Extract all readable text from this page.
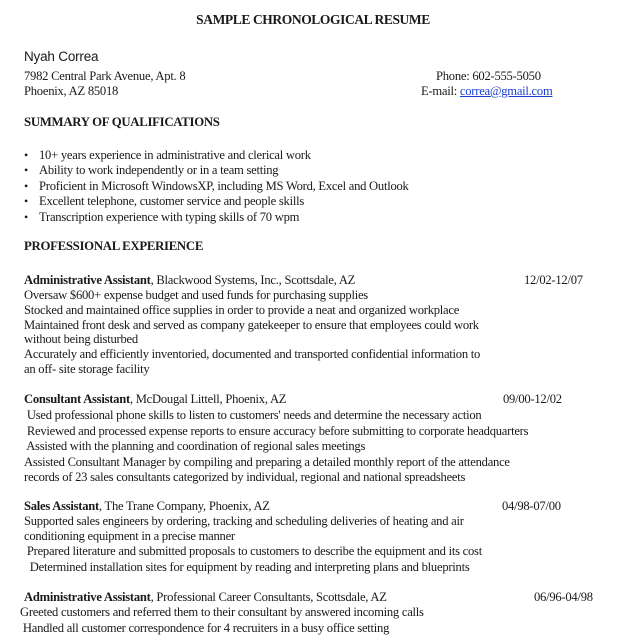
SAMPLE CHRONOLOGICAL RESUME
Nyah Correa
7982 Central Park Avenue, Apt. 8
Phoenix, AZ 85018
Phone: 602-555-5050
E-mail: correa@gmail.com
SUMMARY OF QUALIFICATIONS
• 10+ years experience in administrative and clerical work
• Ability to work independently or in a team setting
• Proficient in Microsoft WindowsXP, including MS Word, Excel and Outlook
• Excellent telephone, customer service and people skills
• Transcription experience with typing skills of 70 wpm
PROFESSIONAL EXPERIENCE
Administrative Assistant, Blackwood Systems, Inc., Scottsdale, AZ	12/02-12/07
Oversaw $600+ expense budget and used funds for purchasing supplies
Stocked and maintained office supplies in order to provide a neat and organized workplace
Maintained front desk and served as company gatekeeper to ensure that employees could work
without being disturbed
Accurately and efficiently inventoried, documented and transported confidential information to
an off- site storage facility
Consultant Assistant, McDougal Littell, Phoenix, AZ	09/00-12/02
Used professional phone skills to listen to customers' needs and determine the necessary action
Reviewed and processed expense reports to ensure accuracy before submitting to corporate headquarters
Assisted with the planning and coordination of regional sales meetings
Assisted Consultant Manager by compiling and preparing a detailed monthly report of the attendance
records of 23 sales consultants categorized by individual, regional and national spreadsheets
Sales Assistant, The Trane Company, Phoenix, AZ	04/98-07/00
Supported sales engineers by ordering, tracking and scheduling deliveries of heating and air
conditioning equipment in a precise manner
Prepared literature and submitted proposals to customers to describe the equipment and its cost
Determined installation sites for equipment by reading and interpreting plans and blueprints
Administrative Assistant, Professional Career Consultants, Scottsdale, AZ	06/96-04/98
Greeted customers and referred them to their consultant by answered incoming calls
Handled all customer correspondence for 4 recruiters in a busy office setting
